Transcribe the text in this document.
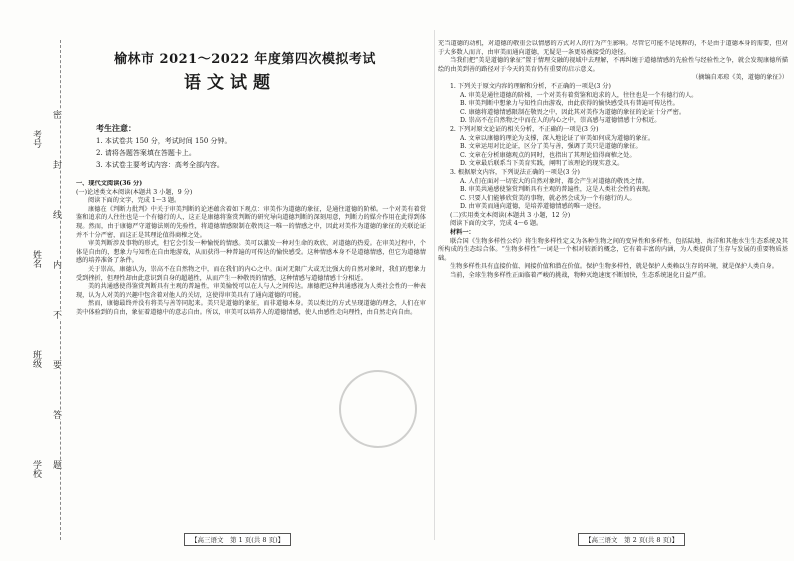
考号
姓名
班级
学校
密
封
线
内
不
要
答
题
榆林市 2021～2022 年度第四次模拟考试
语文试题
考生注意：
1. 本试卷共 150 分，考试时间 150 分钟。
2. 请将各题答案填在答题卡上。
3. 本试卷主要考试内容：高考全部内容。

一、现代文阅读(36 分)

(一)论述类文本阅读(本题共 3 小题，9 分)

阅读下面的文字，完成 1～3 题。

康德在《判断力批判》中关于审美判断的论述蕴含着如下观点：审美作为道德的象征，是通往道德的阶梯。一个对美有着赏鉴和追求的人往往也是一个有德行的人，这正是康德将鉴赏判断的研究导向道德判断的深刻用意，判断力的媒介作用在此得到体现。然而，由于康德严守道德法则的先验性，将道德情感限制在敬畏这一唯一的情感之中，因此对美作为道德的象征的关联论证并不十分严密，而这正是其理论值得商榷之处。

审美判断涉及事物的形式，但它会引发一种愉悦的情感。美可以激发一种对生命的欢欣、对道德的热爱。在审美过程中，个体是自由的，想象力与知性在自由地游戏，从而获得一种普遍的可传达的愉快感受。这种情感本身不是道德情感，但它为道德情感的培养准备了条件。

关于崇高，康德认为，崇高不在自然物之中，而在我们的内心之中。面对无限广大或无比强大的自然对象时，我们的想象力受到挫折，但理性却由此意识到自身的超越性，从而产生一种敬畏的情感，这种情感与道德情感十分相近。

美的共通感使得鉴赏判断具有主观的普遍性，审美愉悦可以在人与人之间传达。康德把这种共通感视为人类社会性的一种表现，认为人对美的兴趣中包含着对他人的关切，这使得审美具有了通向道德的可能。

然而，康德最终并没有将美与善等同起来。美只是道德的象征，而非道德本身。美以类比的方式呈现道德的理念，人们在审美中体验到的自由，象征着道德中的意志自由。所以，审美可以培养人的道德情感，使人由感性走向理性，由自然走向自由。

【高三语文　第 1 页(共 8 页)】

充当道德的动机，对道德的敬重会以情感的方式对人的行为产生影响。尽管它可能不是纯粹的，不是由于道德本身的需要，但对于大多数人而言，由审美而通向道德，无疑是一条更易被接受的途径。

当我们把“美是道德的象征”置于情理交融的视域中去理解，不再纠缠于道德情感的先验性与经验性之争，就会发现康德所描绘的由美到善的路径对于今天的美育仍有重要的启示意义。

（摘编自邓琼《美，道德的象征》）

1. 下列关于原文内容的理解和分析，不正确的一项是(3 分)

A. 审美是通往道德的阶梯，一个对美有着赏鉴和追求的人，往往也是一个有德行的人。

B. 审美判断中想象力与知性自由游戏，由此获得的愉快感受具有普遍可传达性。

C. 康德将道德情感限制在敬畏之中，因此其对美作为道德的象征的论证十分严密。

D. 崇高不在自然物之中而在人的内心之中，崇高感与道德情感十分相近。

2. 下列对原文论证的相关分析，不正确的一项是(3 分)

A. 文章以康德的理论为支撑，深入地论证了审美如何成为道德的象征。

B. 文章运用对比论证，区分了美与善，强调了美只是道德的象征。

C. 文章在分析康德观点的同时，也指出了其理论值得商榷之处。

D. 文章最后联系当下美育实践，阐明了该理论的现实意义。

3. 根据原文内容，下列说法正确的一项是(3 分)

A. 人们在面对一切宏大的自然对象时，都会产生对道德的敬畏之情。

B. 审美共通感使鉴赏判断具有主观的普遍性，这是人类社会性的表现。

C. 只要人们能够欣赏美的事物，就必然会成为一个有德行的人。

D. 由审美而通向道德，是培养道德情感的唯一途径。

(二)实用类文本阅读(本题共 3 小题，12 分)

阅读下面的文字，完成 4～6 题。

材料一：

联合国《生物多样性公约》将生物多样性定义为各种生物之间的变异性和多样性，包括陆地、海洋和其他水生生态系统及其所构成的生态综合体。“生物多样性”一词是一个相对较新的概念，它有着丰富的内涵，为人类提供了生存与发展的重要物质基础。

生物多样性具有直接价值、间接价值和潜在价值。保护生物多样性，就是保护人类赖以生存的环境，就是保护人类自身。

当前，全球生物多样性正面临着严峻的挑战，物种灭绝速度不断加快，生态系统退化日益严重。

【高三语文　第 2 页(共 8 页)】
